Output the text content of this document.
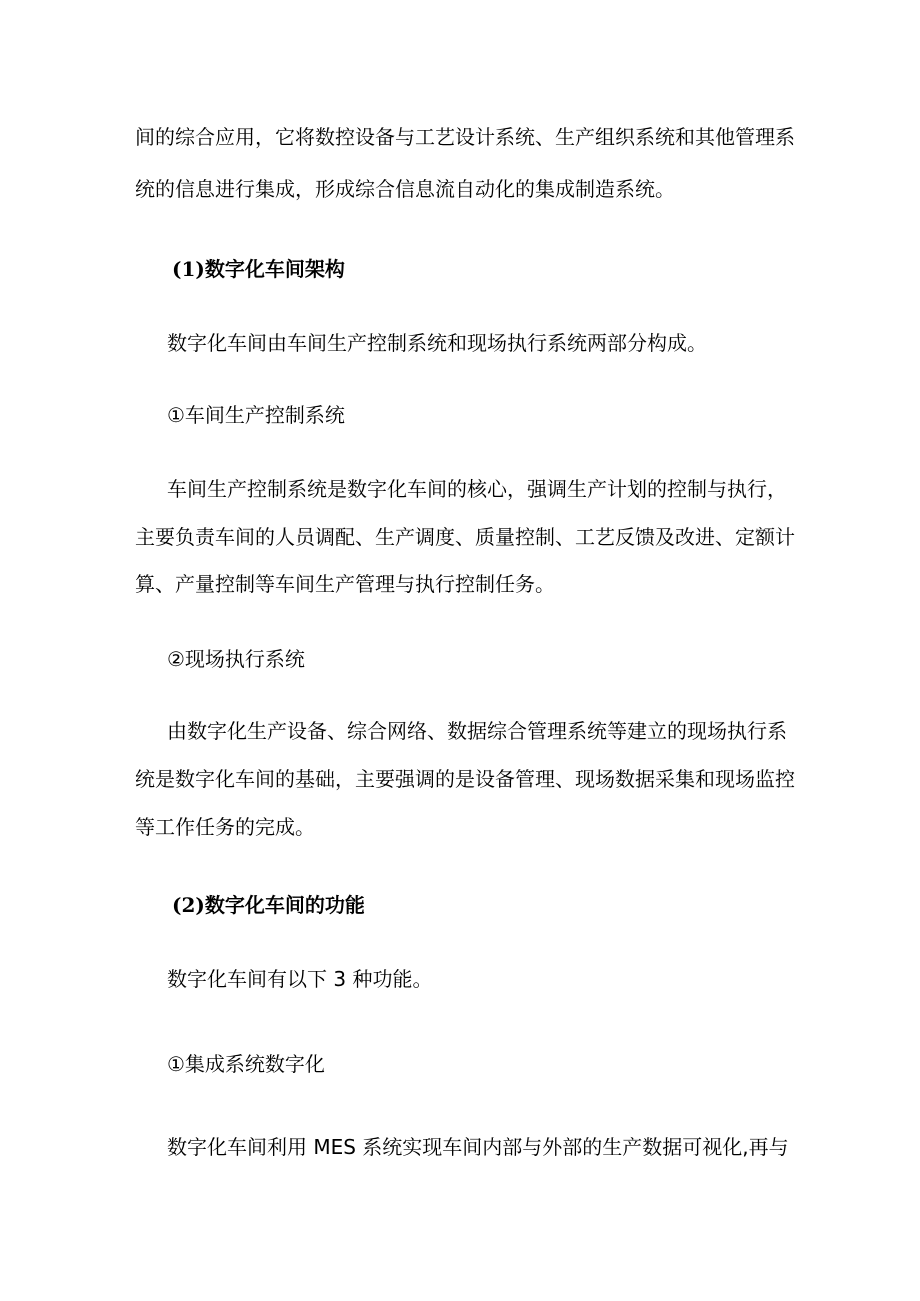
间的综合应用，它将数控设备与工艺设计系统、生产组织系统和其他管理系
统的信息进行集成，形成综合信息流自动化的集成制造系统。
(1)数字化车间架构
数字化车间由车间生产控制系统和现场执行系统两部分构成。
①车间生产控制系统
车间生产控制系统是数字化车间的核心，强调生产计划的控制与执行，
主要负责车间的人员调配、生产调度、质量控制、工艺反馈及改进、定额计
算、产量控制等车间生产管理与执行控制任务。
②现场执行系统
由数字化生产设备、综合网络、数据综合管理系统等建立的现场执行系
统是数字化车间的基础，主要强调的是设备管理、现场数据采集和现场监控
等工作任务的完成。
(2)数字化车间的功能
数字化车间有以下 3 种功能。
①集成系统数字化
数字化车间利用 MES 系统实现车间内部与外部的生产数据可视化,再与
